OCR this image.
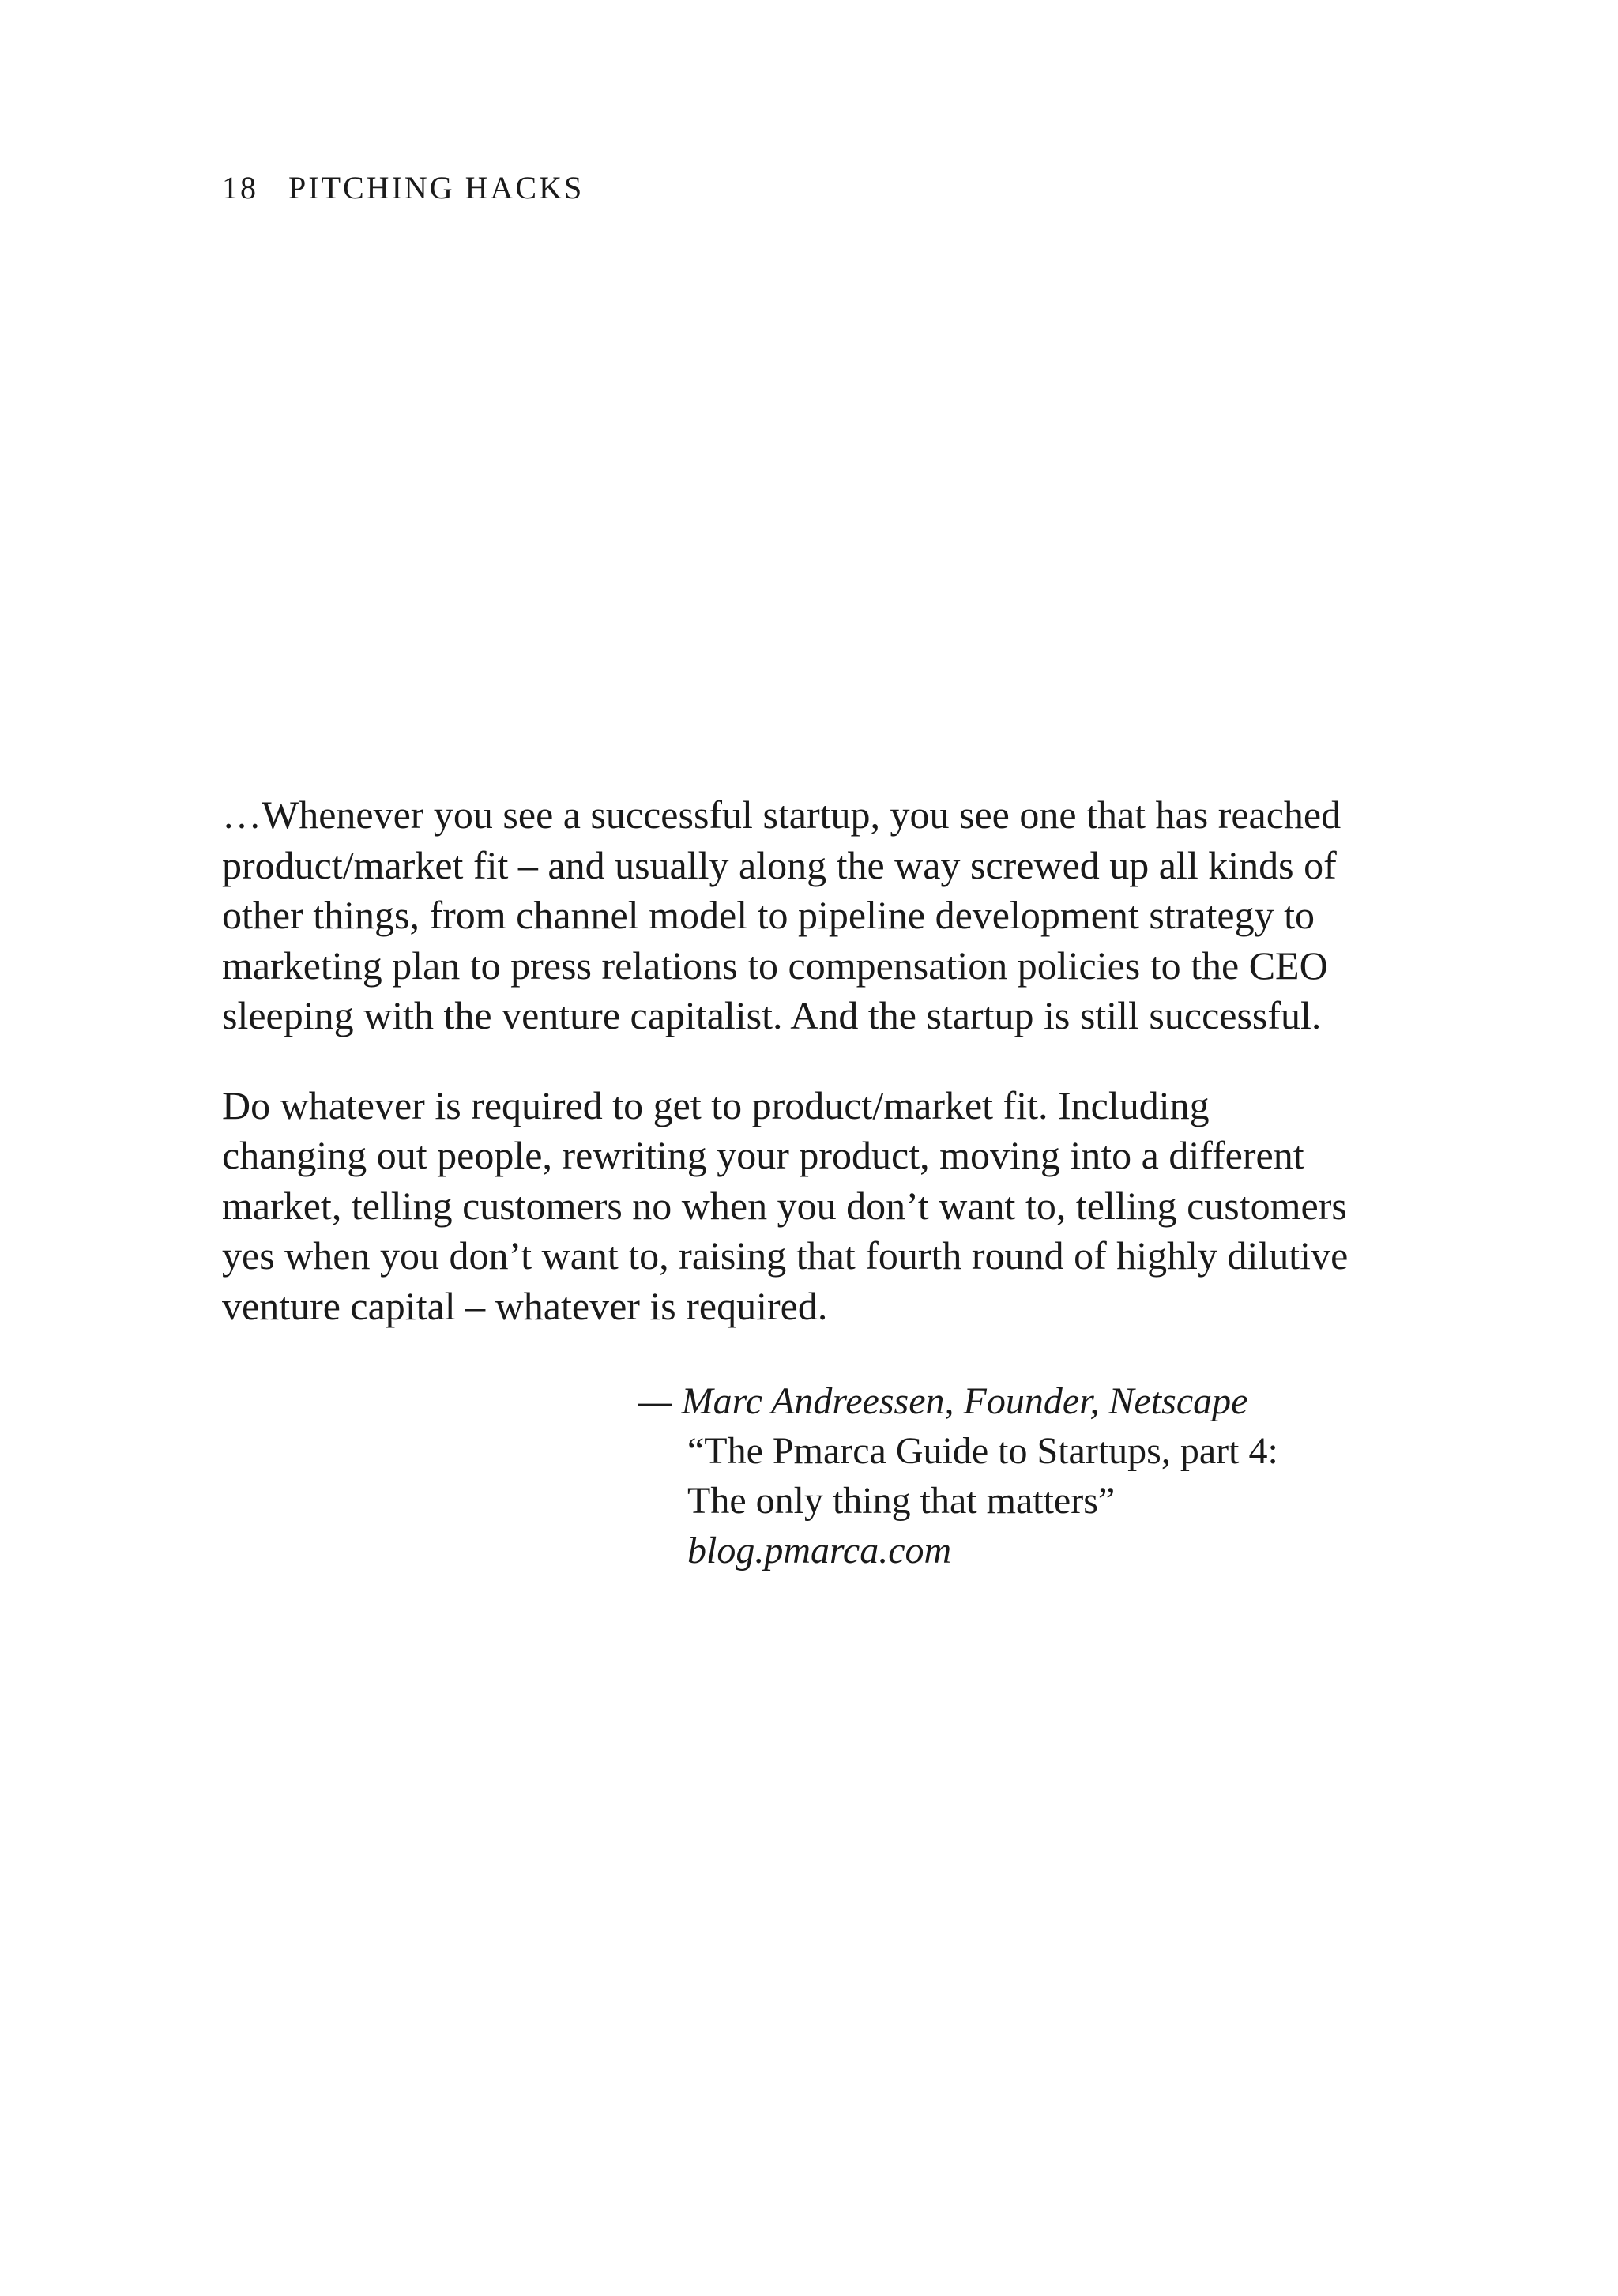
18 PITCHING HACKS
…Whenever you see a successful startup, you see one that has reached
product/market fit – and usually along the way screwed up all kinds of
other things, from channel model to pipeline development strategy to
marketing plan to press relations to compensation policies to the CEO
sleeping with the venture capitalist. And the startup is still successful.
Do whatever is required to get to product/market fit. Including
changing out people, rewriting your product, moving into a different
market, telling customers no when you don’t want to, telling customers
yes when you don’t want to, raising that fourth round of highly dilutive
venture capital – whatever is required.
— Marc Andreessen, Founder, Netscape
“The Pmarca Guide to Startups, part 4:
The only thing that matters”
blog.pmarca.com
